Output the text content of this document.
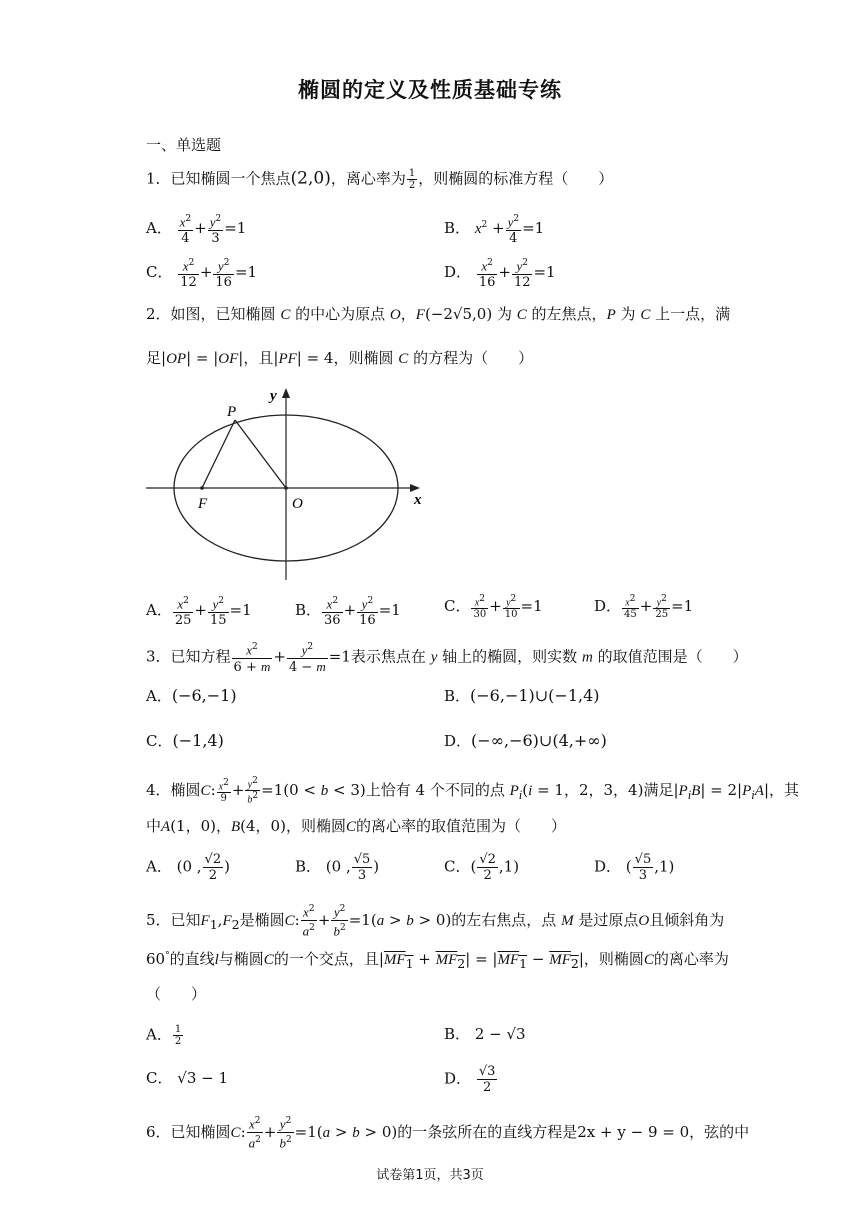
椭圆的定义及性质基础专练
一、单选题
1．已知椭圆一个焦点(2,0)，离心率为 $\frac{1}{2}$ ，则椭圆的标准方程（　　）
A． $\frac{x^2}{4} + \frac{y^2}{3} =1$	B． $x^2 + \frac{y^2}{4} =1$
C． $\frac{x^2}{12} + \frac{y^2}{16} =1$	D． $\frac{x^2}{16} + \frac{y^2}{12} =1$
2．如图，已知椭圆 C 的中心为原点 O，F(−2√5,0) 为 C 的左焦点，P 为 C 上一点，满
足|OP| = |OF|，且|PF| = 4，则椭圆 C 的方程为（　　）
P
F	O	x
y
A． $\frac{x^2}{25} + \frac{y^2}{15} =1$	B． $\frac{x^2}{36} + \frac{y^2}{16} =1$	C． $\frac{x^2}{30} + \frac{y^2}{10} =1$	D． $\frac{x^2}{45} + \frac{y^2}{25} =1$
3．已知方程 $\frac{x^2}{6 + m} + \frac{y^2}{4 - m} =1$表示焦点在 y 轴上的椭圆，则实数 m 的取值范围是（　　）
A．(−6,−1)	B．(−6,−1)∪(−1,4)
C．(−1,4)	D．(−∞,−6)∪(4,+∞)
4．椭圆C: $\frac{x^2}{9} + \frac{y^2}{b^2} =1(0 < b < 3)$上恰有 4 个不同的点 $P_i(i = 1$，2，3，4)满足$|P_iB| = 2|P_iA|$，其
中A(1，0)，B(4，0)，则椭圆C的离心率的取值范围为（　　）
A． (0 , $\frac{√2}{2}$ )	B． (0 , $\frac{√5}{3}$ )	C．( $\frac{√2}{2} ,1$)	D． ( $\frac{√5}{3} ,1$)
5．已知$F_1,F_2$是椭圆C: $\frac{x^2}{a^2} + \frac{y^2}{b^2} =1(a > b > 0)$的左右焦点，点 M 是过原点O且倾斜角为
60°的直线l与椭圆C的一个交点，且$|MF_1 + MF_2| = |MF_1 - MF_2|$，则椭圆C的离心率为
（　　）
A． $\frac{1}{2}$	B． 2 − √3
C． √3 − 1	D． $\frac{√3}{2}$
6．已知椭圆C: $\frac{x^2}{a^2} + \frac{y^2}{b^2} =1(a > b > 0)$的一条弦所在的直线方程是2x + y − 9 = 0，弦的中
试卷第1页，共3页
